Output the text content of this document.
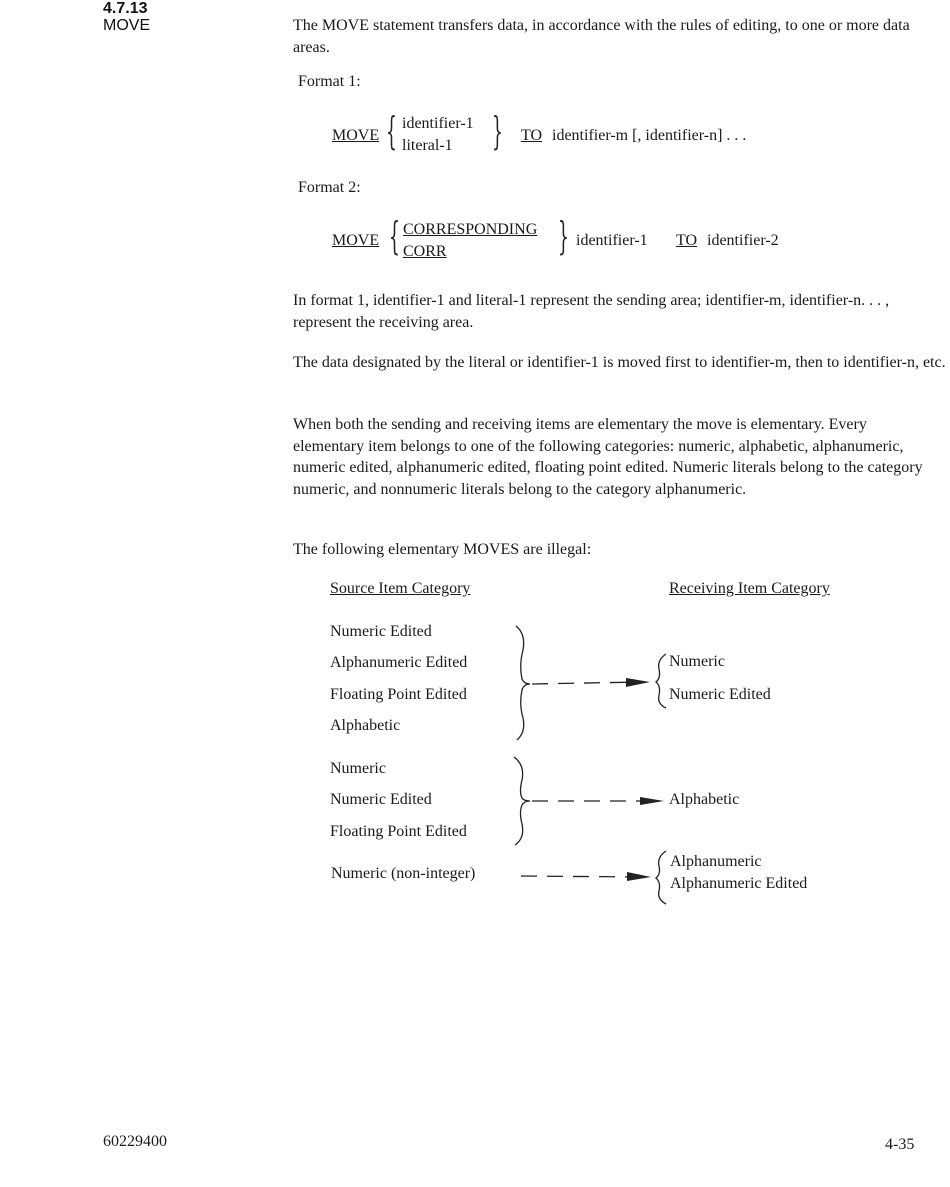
4.7.13
MOVE	The MOVE statement transfers data, in accordance with the rules of editing, to one or more data areas.
Format 1:
MOVE { identifier-1
literal-1 } TO identifier-m [, identifier-n] . . .
Format 2:
MOVE { CORRESPONDING
CORR	} identifier-1 TO identifier-2
In format 1, identifier-1 and literal-1 represent the sending area; identifier-m, identifier-n. . . , represent the receiving area.
The data designated by the literal or identifier-1 is moved first to identifier-m, then to identifier-n, etc.
When both the sending and receiving items are elementary the move is elementary. Every elementary item belongs to one of the following categories: numeric, alphabetic, alphanumeric, numeric edited, alphanumeric edited, floating point edited. Numeric literals belong to the category numeric, and nonnumeric literals belong to the category alphanumeric.
The following elementary MOVES are illegal:
Source Item Category	Receiving Item Category
Numeric Edited
Alphanumeric Edited
Floating Point Edited
Alphabetic
Numeric
Numeric Edited
Numeric
Numeric Edited
Floating Point Edited
Alphabetic
Numeric (non-integer)
Alphanumeric
Alphanumeric Edited
60229400	4-35
